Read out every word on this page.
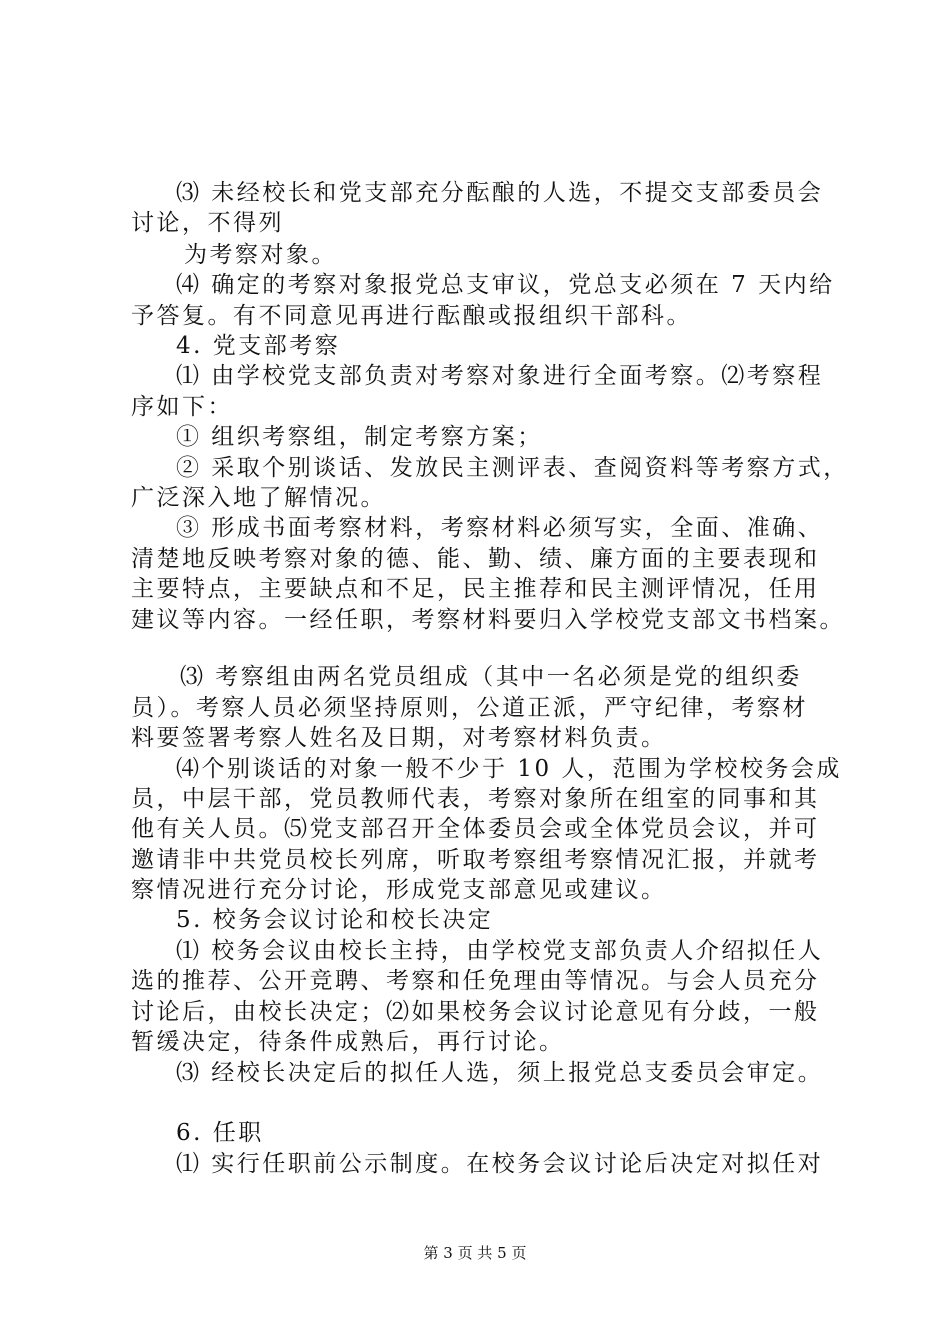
⑶ 未经校长和党支部充分酝酿的人选，不提交支部委员会
讨论，不得列
为考察对象。
⑷ 确定的考察对象报党总支审议，党总支必须在 7 天内给
予答复。有不同意见再进行酝酿或报组织干部科。
4. 党支部考察
⑴ 由学校党支部负责对考察对象进行全面考察。⑵考察程
序如下：
① 组织考察组，制定考察方案；
② 采取个别谈话、发放民主测评表、查阅资料等考察方式，
广泛深入地了解情况。
③ 形成书面考察材料，考察材料必须写实，全面、准确、
清楚地反映考察对象的德、能、勤、绩、廉方面的主要表现和
主要特点，主要缺点和不足，民主推荐和民主测评情况，任用
建议等内容。一经任职，考察材料要归入学校党支部文书档案。
⑶ 考察组由两名党员组成（其中一名必须是党的组织委
员）。考察人员必须坚持原则，公道正派，严守纪律，考察材
料要签署考察人姓名及日期，对考察材料负责。
⑷个别谈话的对象一般不少于 10 人，范围为学校校务会成
员，中层干部，党员教师代表，考察对象所在组室的同事和其
他有关人员。⑸党支部召开全体委员会或全体党员会议，并可
邀请非中共党员校长列席，听取考察组考察情况汇报，并就考
察情况进行充分讨论，形成党支部意见或建议。
5. 校务会议讨论和校长决定
⑴ 校务会议由校长主持，由学校党支部负责人介绍拟任人
选的推荐、公开竞聘、考察和任免理由等情况。与会人员充分
讨论后，由校长决定；⑵如果校务会议讨论意见有分歧，一般
暂缓决定，待条件成熟后，再行讨论。
⑶ 经校长决定后的拟任人选，须上报党总支委员会审定。
6. 任职
⑴ 实行任职前公示制度。在校务会议讨论后决定对拟任对
第 3 页 共 5 页
